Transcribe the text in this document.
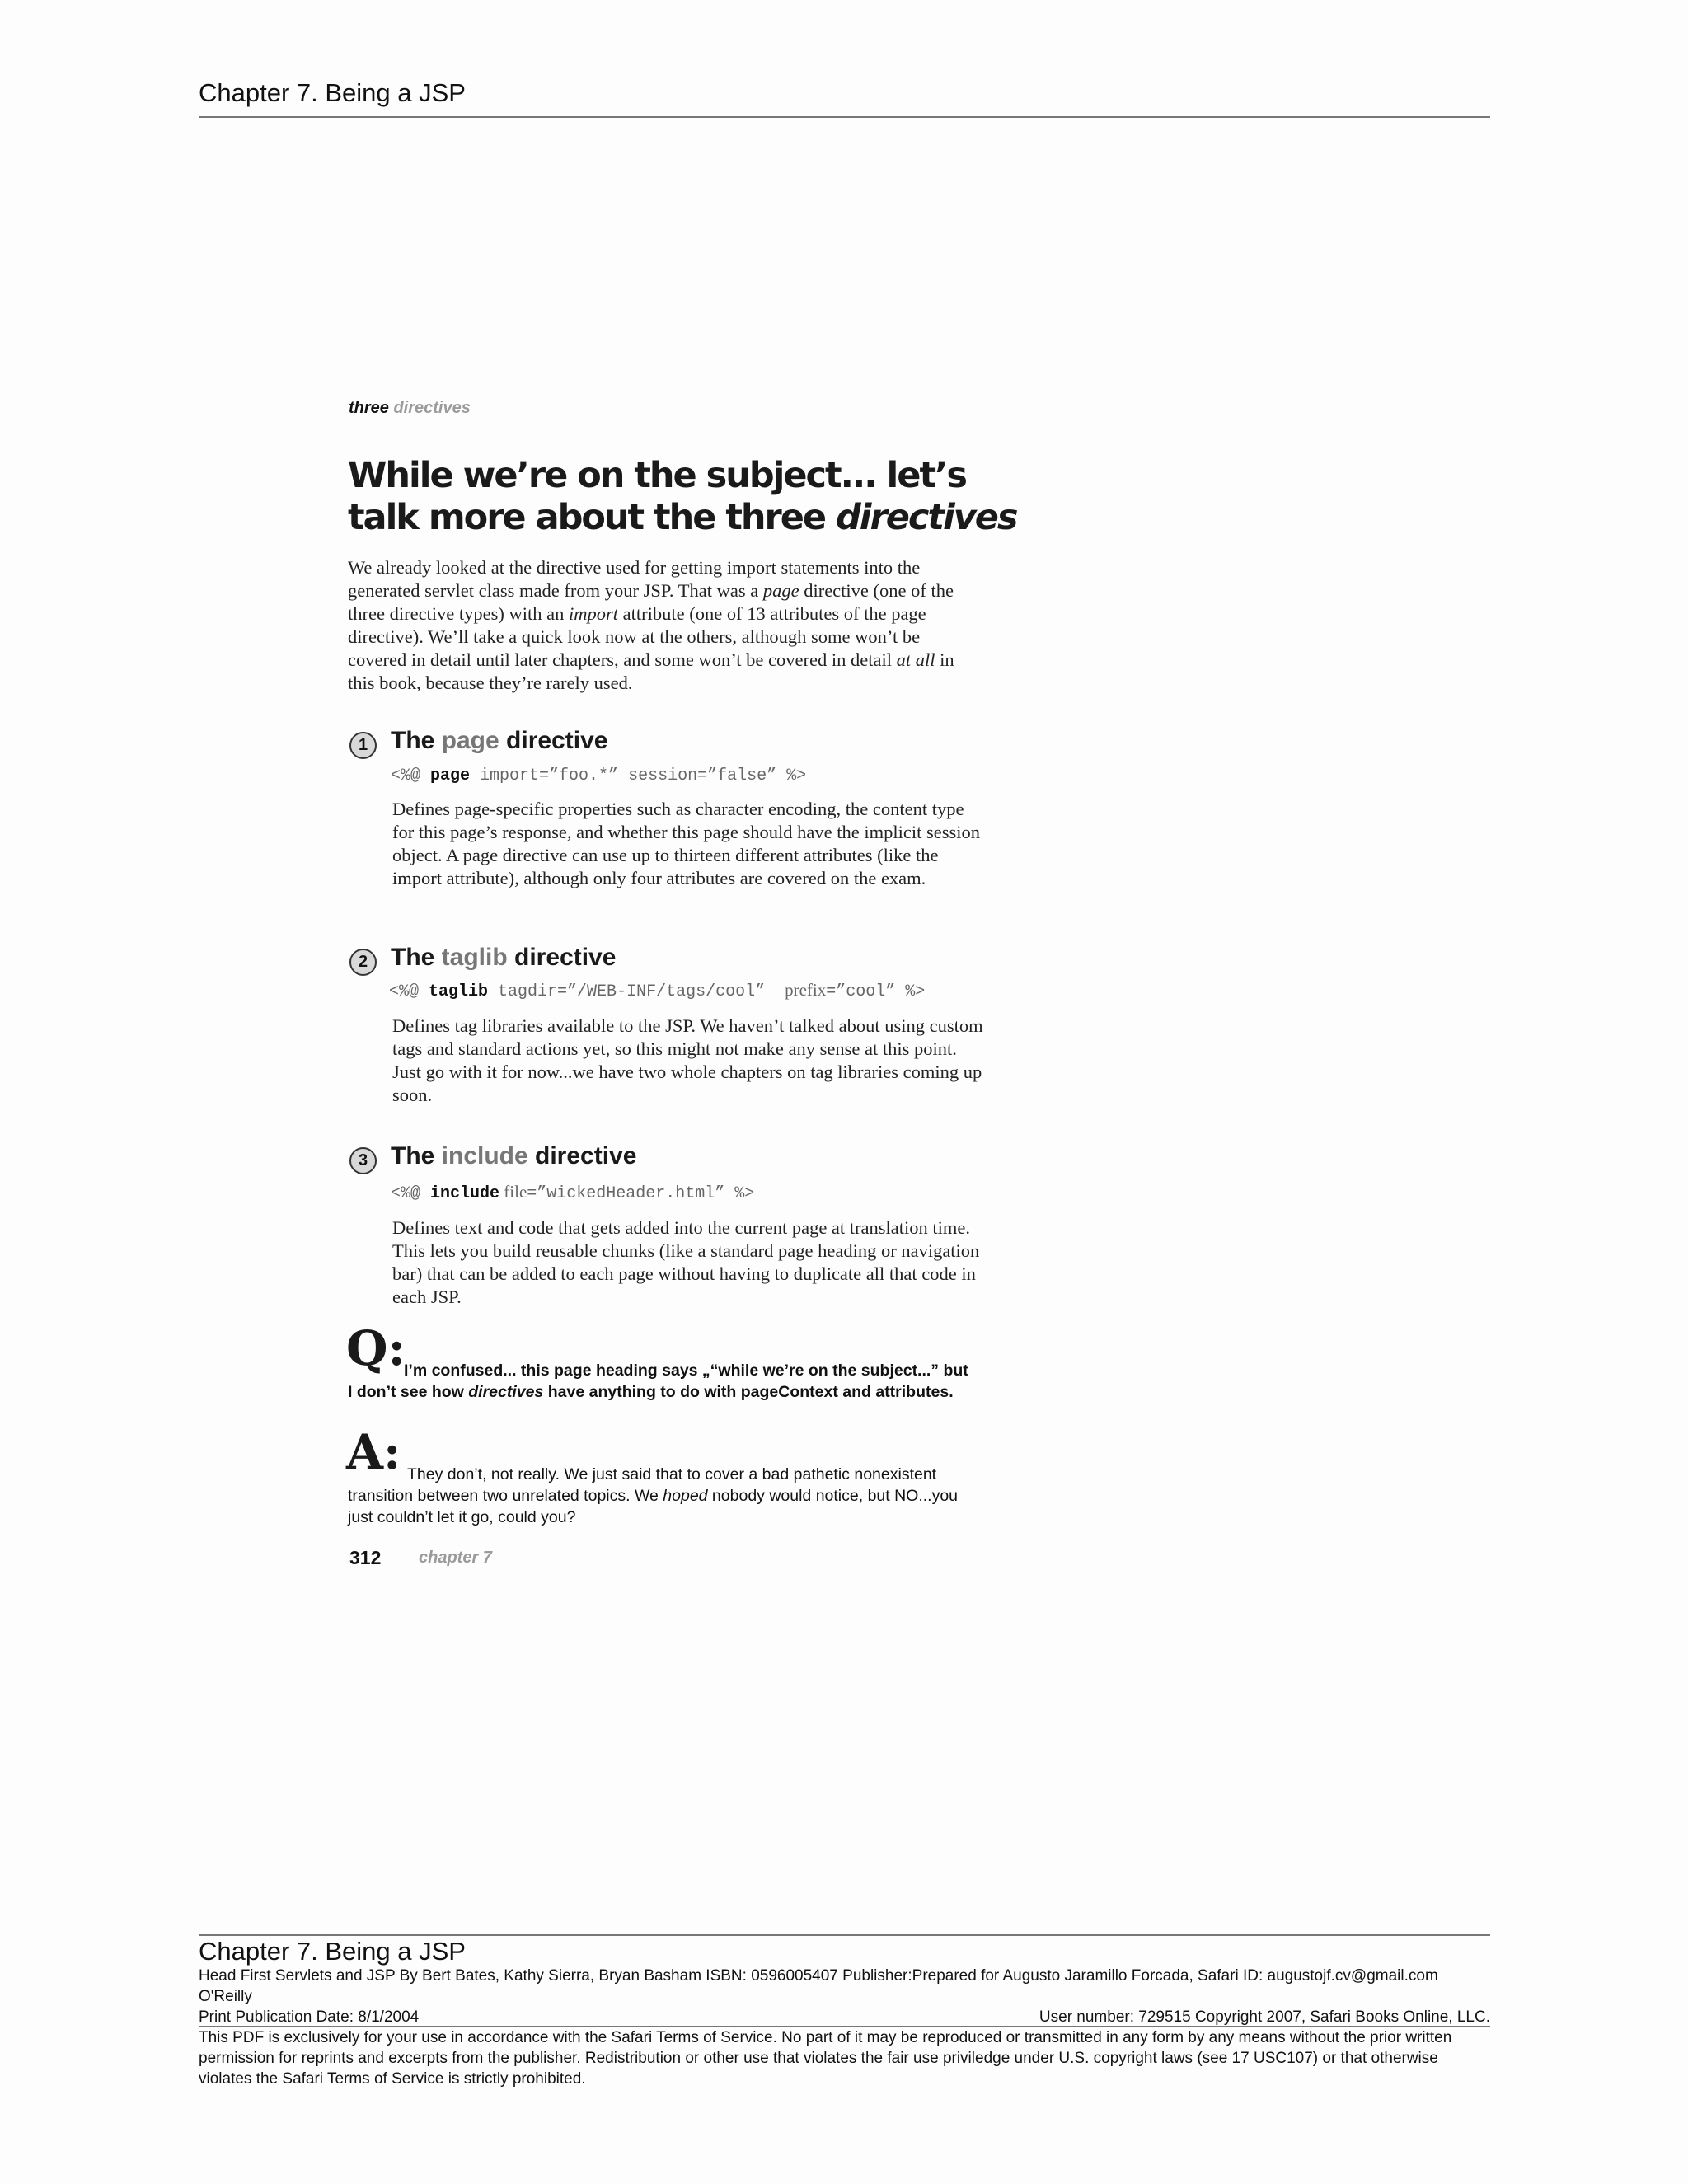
Chapter 7. Being a JSP
three directives
While we’re on the subject... let’s
talk more about the three directives
We already looked at the directive used for getting import statements into the generated servlet class made from your JSP. That was a page directive (one of the three directive types) with an import attribute (one of 13 attributes of the page directive). We’ll take a quick look now at the others, although some won’t be covered in detail until later chapters, and some won’t be covered in detail at all in this book, because they’re rarely used.
1 The page directive
<%@ page import=”foo.*” session=”false” %>
Defines page-specific properties such as character encoding, the content type for this page’s response, and whether this page should have the implicit session object. A page directive can use up to thirteen different attributes (like the import attribute), although only four attributes are covered on the exam.
2 The taglib directive
<%@ taglib tagdir=”/WEB-INF/tags/cool”  prefix=”cool” %>
Defines tag libraries available to the JSP. We haven’t talked about using custom tags and standard actions yet, so this might not make any sense at this point. Just go with it for now...we have two whole chapters on tag libraries coming up soon.
3 The include directive
<%@ include file=”wickedHeader.html” %>
Defines text and code that gets added into the current page at translation time. This lets you build reusable chunks (like a standard page heading or navigation bar) that can be added to each page without having to duplicate all that code in each JSP.
Q:
I’m confused... this page heading says „“while we’re on the subject...” but I don’t see how directives have anything to do with pageContext and attributes.
A: They don’t, not really. We just said that to cover a bad pathetic nonexistent transition between two unrelated topics. We hoped nobody would notice, but NO...you just couldn’t let it go, could you?
312 chapter 7
Chapter 7. Being a JSP
Head First Servlets and JSP By Bert Bates, Kathy Sierra, Bryan Basham ISBN: 0596005407 Publisher:Prepared for Augusto Jaramillo Forcada, Safari ID: augustojf.cv@gmail.com
O'Reilly
Print Publication Date: 8/1/2004	User number: 729515 Copyright 2007, Safari Books Online, LLC.
This PDF is exclusively for your use in accordance with the Safari Terms of Service. No part of it may be reproduced or transmitted in any form by any means without the prior written permission for reprints and excerpts from the publisher. Redistribution or other use that violates the fair use priviledge under U.S. copyright laws (see 17 USC107) or that otherwise violates the Safari Terms of Service is strictly prohibited.
